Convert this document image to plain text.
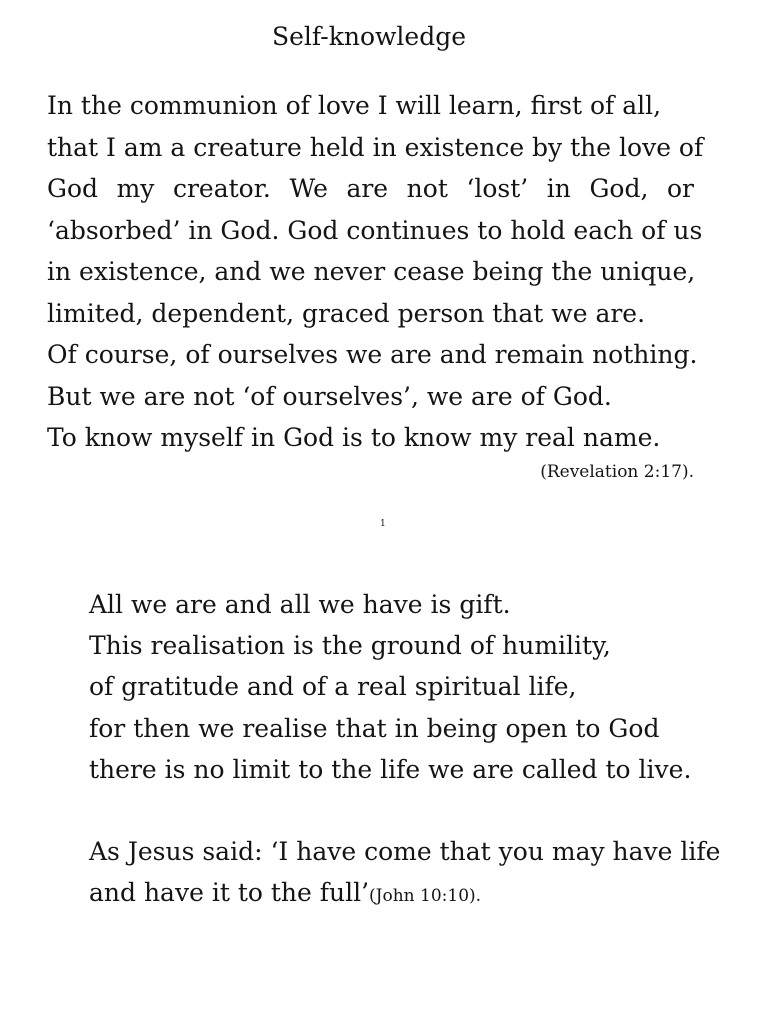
Self-knowledge
In the communion of love I will learn, first of all,
that I am a creature held in existence by the love of
God my creator. We are not ‘lost’ in God, or
‘absorbed’ in God. God continues to hold each of us
in existence, and we never cease being the unique,
limited, dependent, graced person that we are.
Of course, of ourselves we are and remain nothing.
But we are not ‘of ourselves’, we are of God.
To know myself in God is to know my real name.
(Revelation 2:17).
1
All we are and all we have is gift.
This realisation is the ground of humility,
of gratitude and of a real spiritual life,
for then we realise that in being open to God
there is no limit to the life we are called to live.
As Jesus said: ‘I have come that you may have life
and have it to the full’(John 10:10).
